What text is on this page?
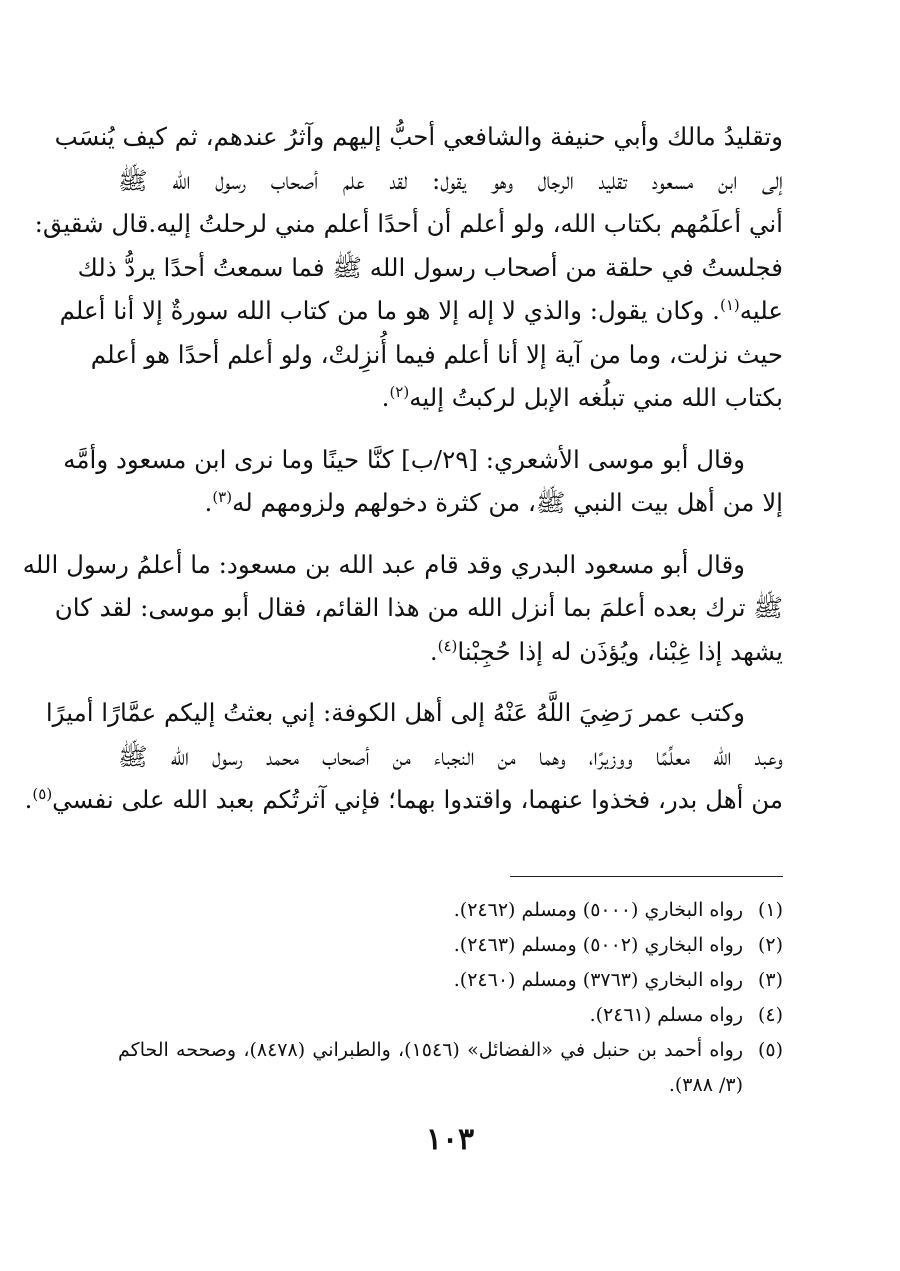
وتقليدُ مالك وأبي حنيفة والشافعي أحبُّ إليهم وآثرُ عندهم، ثم كيف يُنسَب
إلى ابن مسعود تقليد الرجال وهو يقول: لقد علم أصحاب رسول الله ﷺ
أني أعلَمُهم بكتاب الله، ولو أعلم أن أحدًا أعلم مني لرحلتُ إليه.قال شقيق:
فجلستُ في حلقة من أصحاب رسول الله ﷺ فما سمعتُ أحدًا يردُّ ذلك
عليه$^{(١)}$. وكان يقول: والذي لا إله إلا هو ما من كتاب الله سورةٌ إلا أنا أعلم
حيث نزلت، وما من آية إلا أنا أعلم فيما أُنزِلتْ، ولو أعلم أحدًا هو أعلم
بكتاب الله مني تبلُغه الإبل لركبتُ إليه$^{(٢)}$.
وقال أبو موسى الأشعري: [٢٩/ب] كنَّا حينًا وما نرى ابن مسعود وأمَّه
إلا من أهل بيت النبي ﷺ، من كثرة دخولهم ولزومهم له$^{(٣)}$.
وقال أبو مسعود البدري وقد قام عبد الله بن مسعود: ما أعلمُ رسول الله
ﷺ ترك بعده أعلمَ بما أنزل الله من هذا القائم، فقال أبو موسى: لقد كان
يشهد إذا غِبْنا، ويُؤذَن له إذا حُجِبْنا$^{(٤)}$.
وكتب عمر رَضِيَ اللَّهُ عَنْهُ إلى أهل الكوفة: إني بعثتُ إليكم عمَّارًا أميرًا
وعبد الله معلِّمًا ووزيرًا، وهما من النجباء من أصحاب محمد رسول الله ﷺ
من أهل بدر، فخذوا عنهما، واقتدوا بهما؛ فإني آثرتُكم بعبد الله على نفسي$^{(٥)}$.
(١)
رواه البخاري (٥٠٠٠) ومسلم (٢٤٦٢).
(٢)
رواه البخاري (٥٠٠٢) ومسلم (٢٤٦٣).
(٣)
رواه البخاري (٣٧٦٣) ومسلم (٢٤٦٠).
(٤)
رواه مسلم (٢٤٦١).
(٥)
رواه أحمد بن حنبل في «الفضائل» (١٥٤٦)، والطبراني (٨٤٧٨)، وصححه الحاكم (٣/ ٣٨٨).
١٠٣
